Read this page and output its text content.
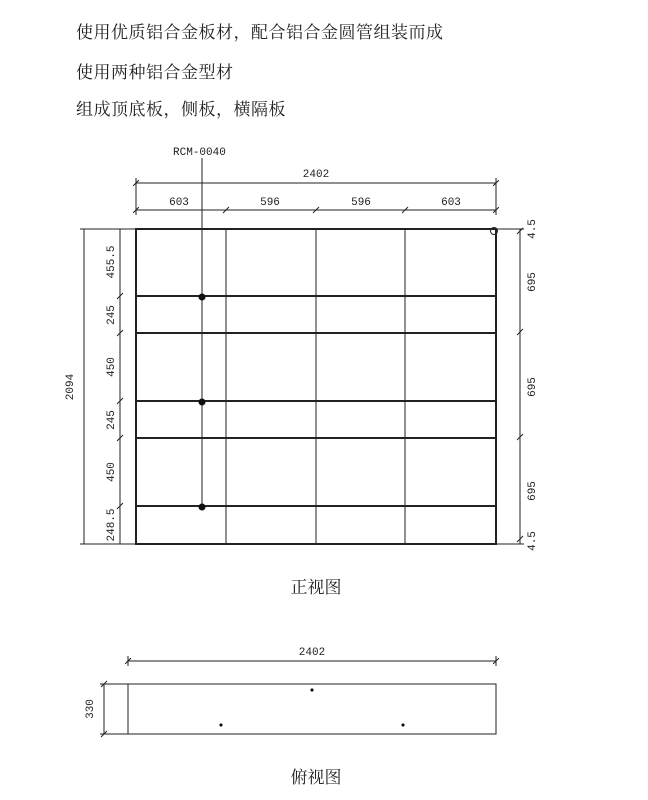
使用优质铝合金板材，配合铝合金圆管组装而成
使用两种铝合金型材
组成顶底板，侧板，横隔板
RCM-0040
2402
603	596	596	603
2094
455.5
245
450
245
450
248.5
4.5
695
695
695
4.5
正视图
2402
330
俯视图
